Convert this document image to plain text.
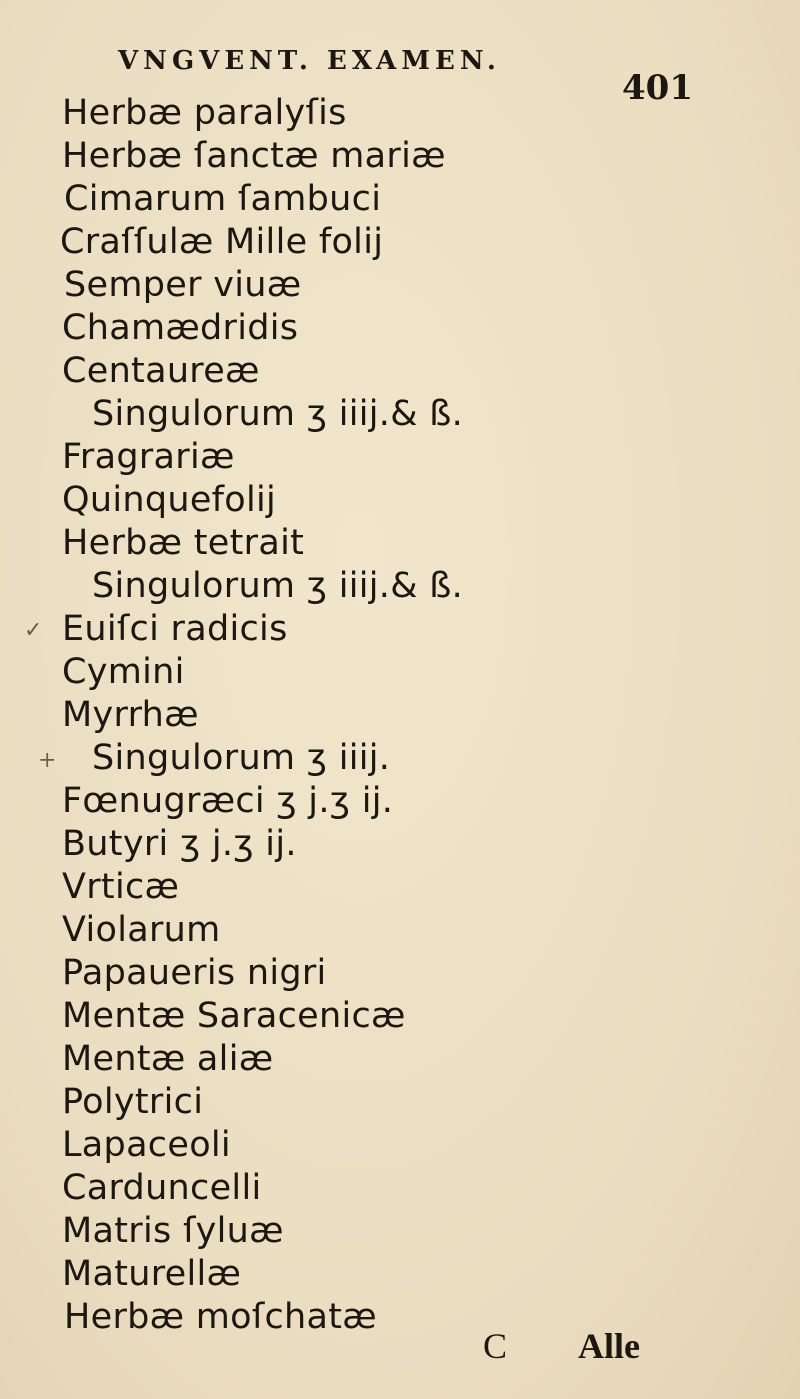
VNGVENT. EXAMEN.
401
Herbæ paralyſis
Herbæ ſanctæ mariæ
Cimarum ſambuci
Craſſulæ Mille folij
Semper viuæ
Chamædridis
Centaureæ
Singulorum ʒ iiij.& ß.
Fragrariæ
Quinquefolij
Herbæ tetrait
Singulorum ʒ iiij.& ß.
Euiſci radicis
Cymini
Myrrhæ
Singulorum ʒ iiij.
Fœnugræci ʒ j.ʒ ij.
Butyri ʒ j.ʒ ij.
Vrticæ
Violarum
Papaueris nigri
Mentæ Saracenicæ
Mentæ aliæ
Polytrici
Lapaceoli
Carduncelli
Matris ſyluæ
Maturellæ
Herbæ moſchatæ
C Alle
✓
+
